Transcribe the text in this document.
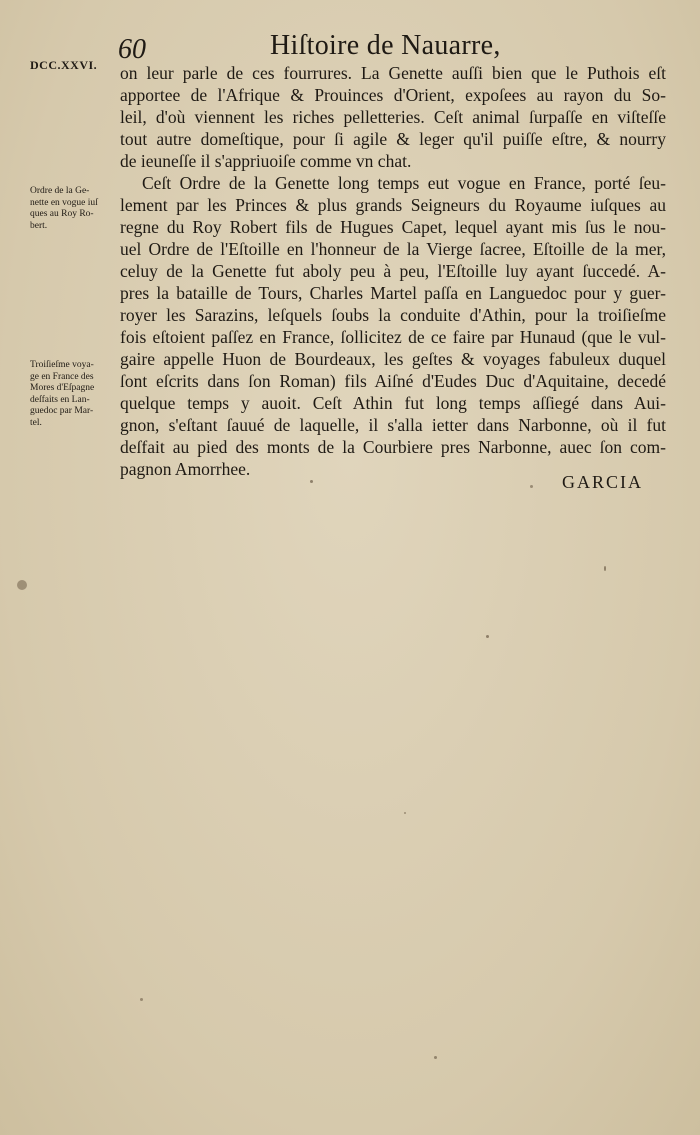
DCC.XXVI. 60	Hiſtoire de Nauarre,
on leur parle de ces fourrures. La Genette auſſi bien que le Puthois eſt
apportee de l'Afrique & Prouinces d'Orient, expoſees au rayon du So-
leil, d'où viennent les riches pelletteries. Ceſt animal ſurpaſſe en viſteſſe
tout autre domeſtique, pour ſi agile & leger qu'il puiſſe eſtre, & nourry
de ieuneſſe il s'appriuoiſe comme vn chat.
Ceſt Ordre de la Genette long temps eut vogue en France, porté ſeu-
lement par les Princes & plus grands Seigneurs du Royaume iuſques au
regne du Roy Robert fils de Hugues Capet, lequel ayant mis ſus le nou-
uel Ordre de l'Eſtoille en l'honneur de la Vierge ſacree, Eſtoille de la mer,
celuy de la Genette fut aboly peu à peu, l'Eſtoille luy ayant ſuccedé. A-
pres la bataille de Tours, Charles Martel paſſa en Languedoc pour y guer-
royer les Sarazins, leſquels ſoubs la conduite d'Athin, pour la troiſieſme
fois eſtoient paſſez en France, ſollicitez de ce faire par Hunaud (que le vul-
gaire appelle Huon de Bourdeaux, les geſtes & voyages fabuleux duquel
ſont eſcrits dans ſon Roman) fils Aiſné d'Eudes Duc d'Aquitaine, decedé
quelque temps y auoit. Ceſt Athin fut long temps aſſiegé dans Aui-
gnon, s'eſtant ſauué de laquelle, il s'alla ietter dans Narbonne, où il fut
deſfait au pied des monts de la Courbiere pres Narbonne, auec ſon com-
pagnon Amorrhee.
Ordre de la Ge-
nette en vogue iuſ
ques au Roy Ro-
bert.
Troiſieſme voya-
ge en France des
Mores d'Eſpagne
deſfaits en Lan-
guedoc par Mar-
tel.
GARCIA
